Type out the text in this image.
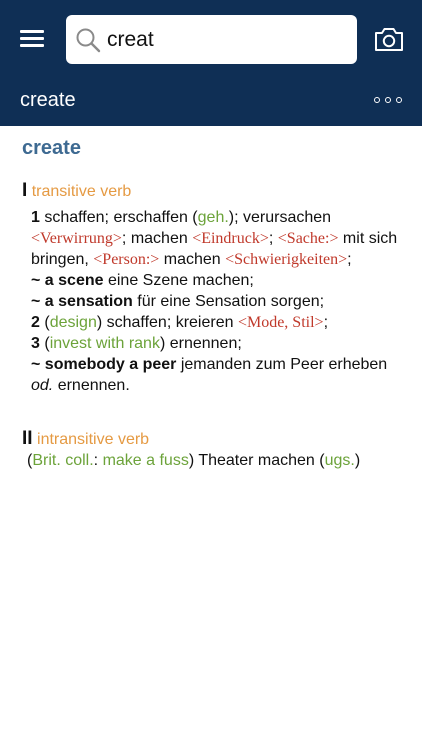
creat
create
create
I transitive verb
1 schaffen; erschaffen (geh.); verursachen <Verwirrung>; machen <Eindruck>; <Sache:> mit sich bringen, <Person:> machen <Schwierigkeiten>;
~ a scene eine Szene machen;
~ a sensation für eine Sensation sorgen;
2 (design) schaffen; kreieren <Mode, Stil>;
3 (invest with rank) ernennen;
~ somebody a peer jemanden zum Peer erheben od. ernennen.
II intransitive verb
(Brit. coll.: make a fuss) Theater machen (ugs.)
